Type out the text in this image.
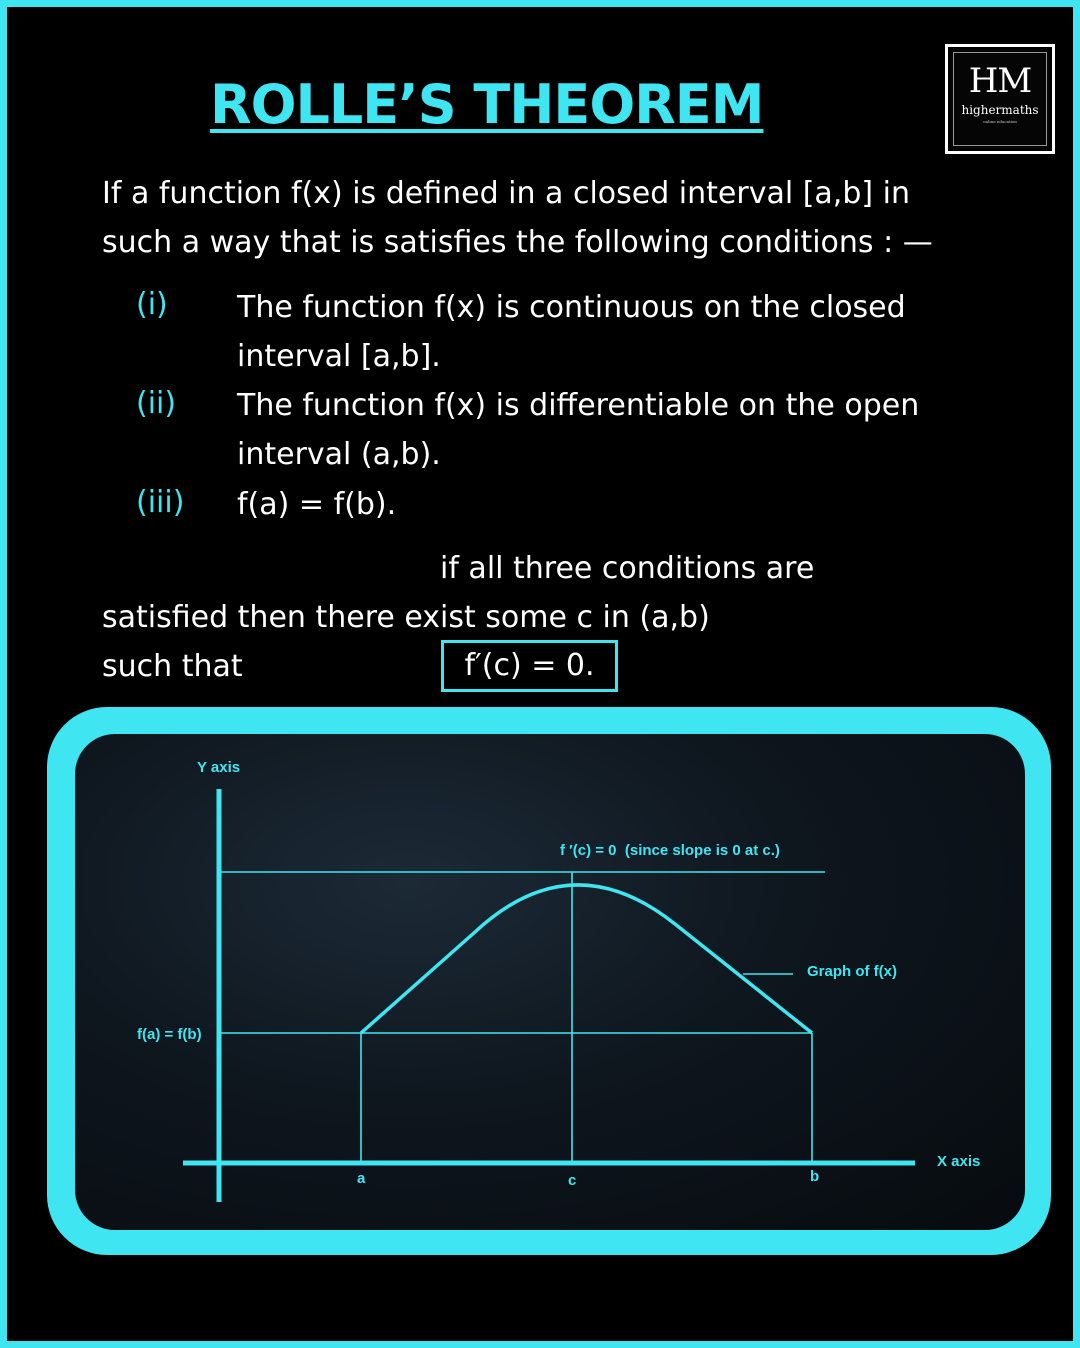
ROLLE’S THEOREM	HM
highermaths
online education
If a function f(x) is defined in a closed interval [a,b] in
such a way that is satisfies the following conditions : —
(i) The function f(x) is continuous on the closed
interval [a,b].
(ii) The function f(x) is differentiable on the open
interval (a,b).
(iii) f(a) = f(b).
if all three conditions are
satisfied then there exist some c in (a,b)
such that	f′(c) = 0.
Y axis
X axis
f(a) = f(b)
f ′(c) = 0  (since slope is 0 at c.)
Graph of f(x)
a	c	b
